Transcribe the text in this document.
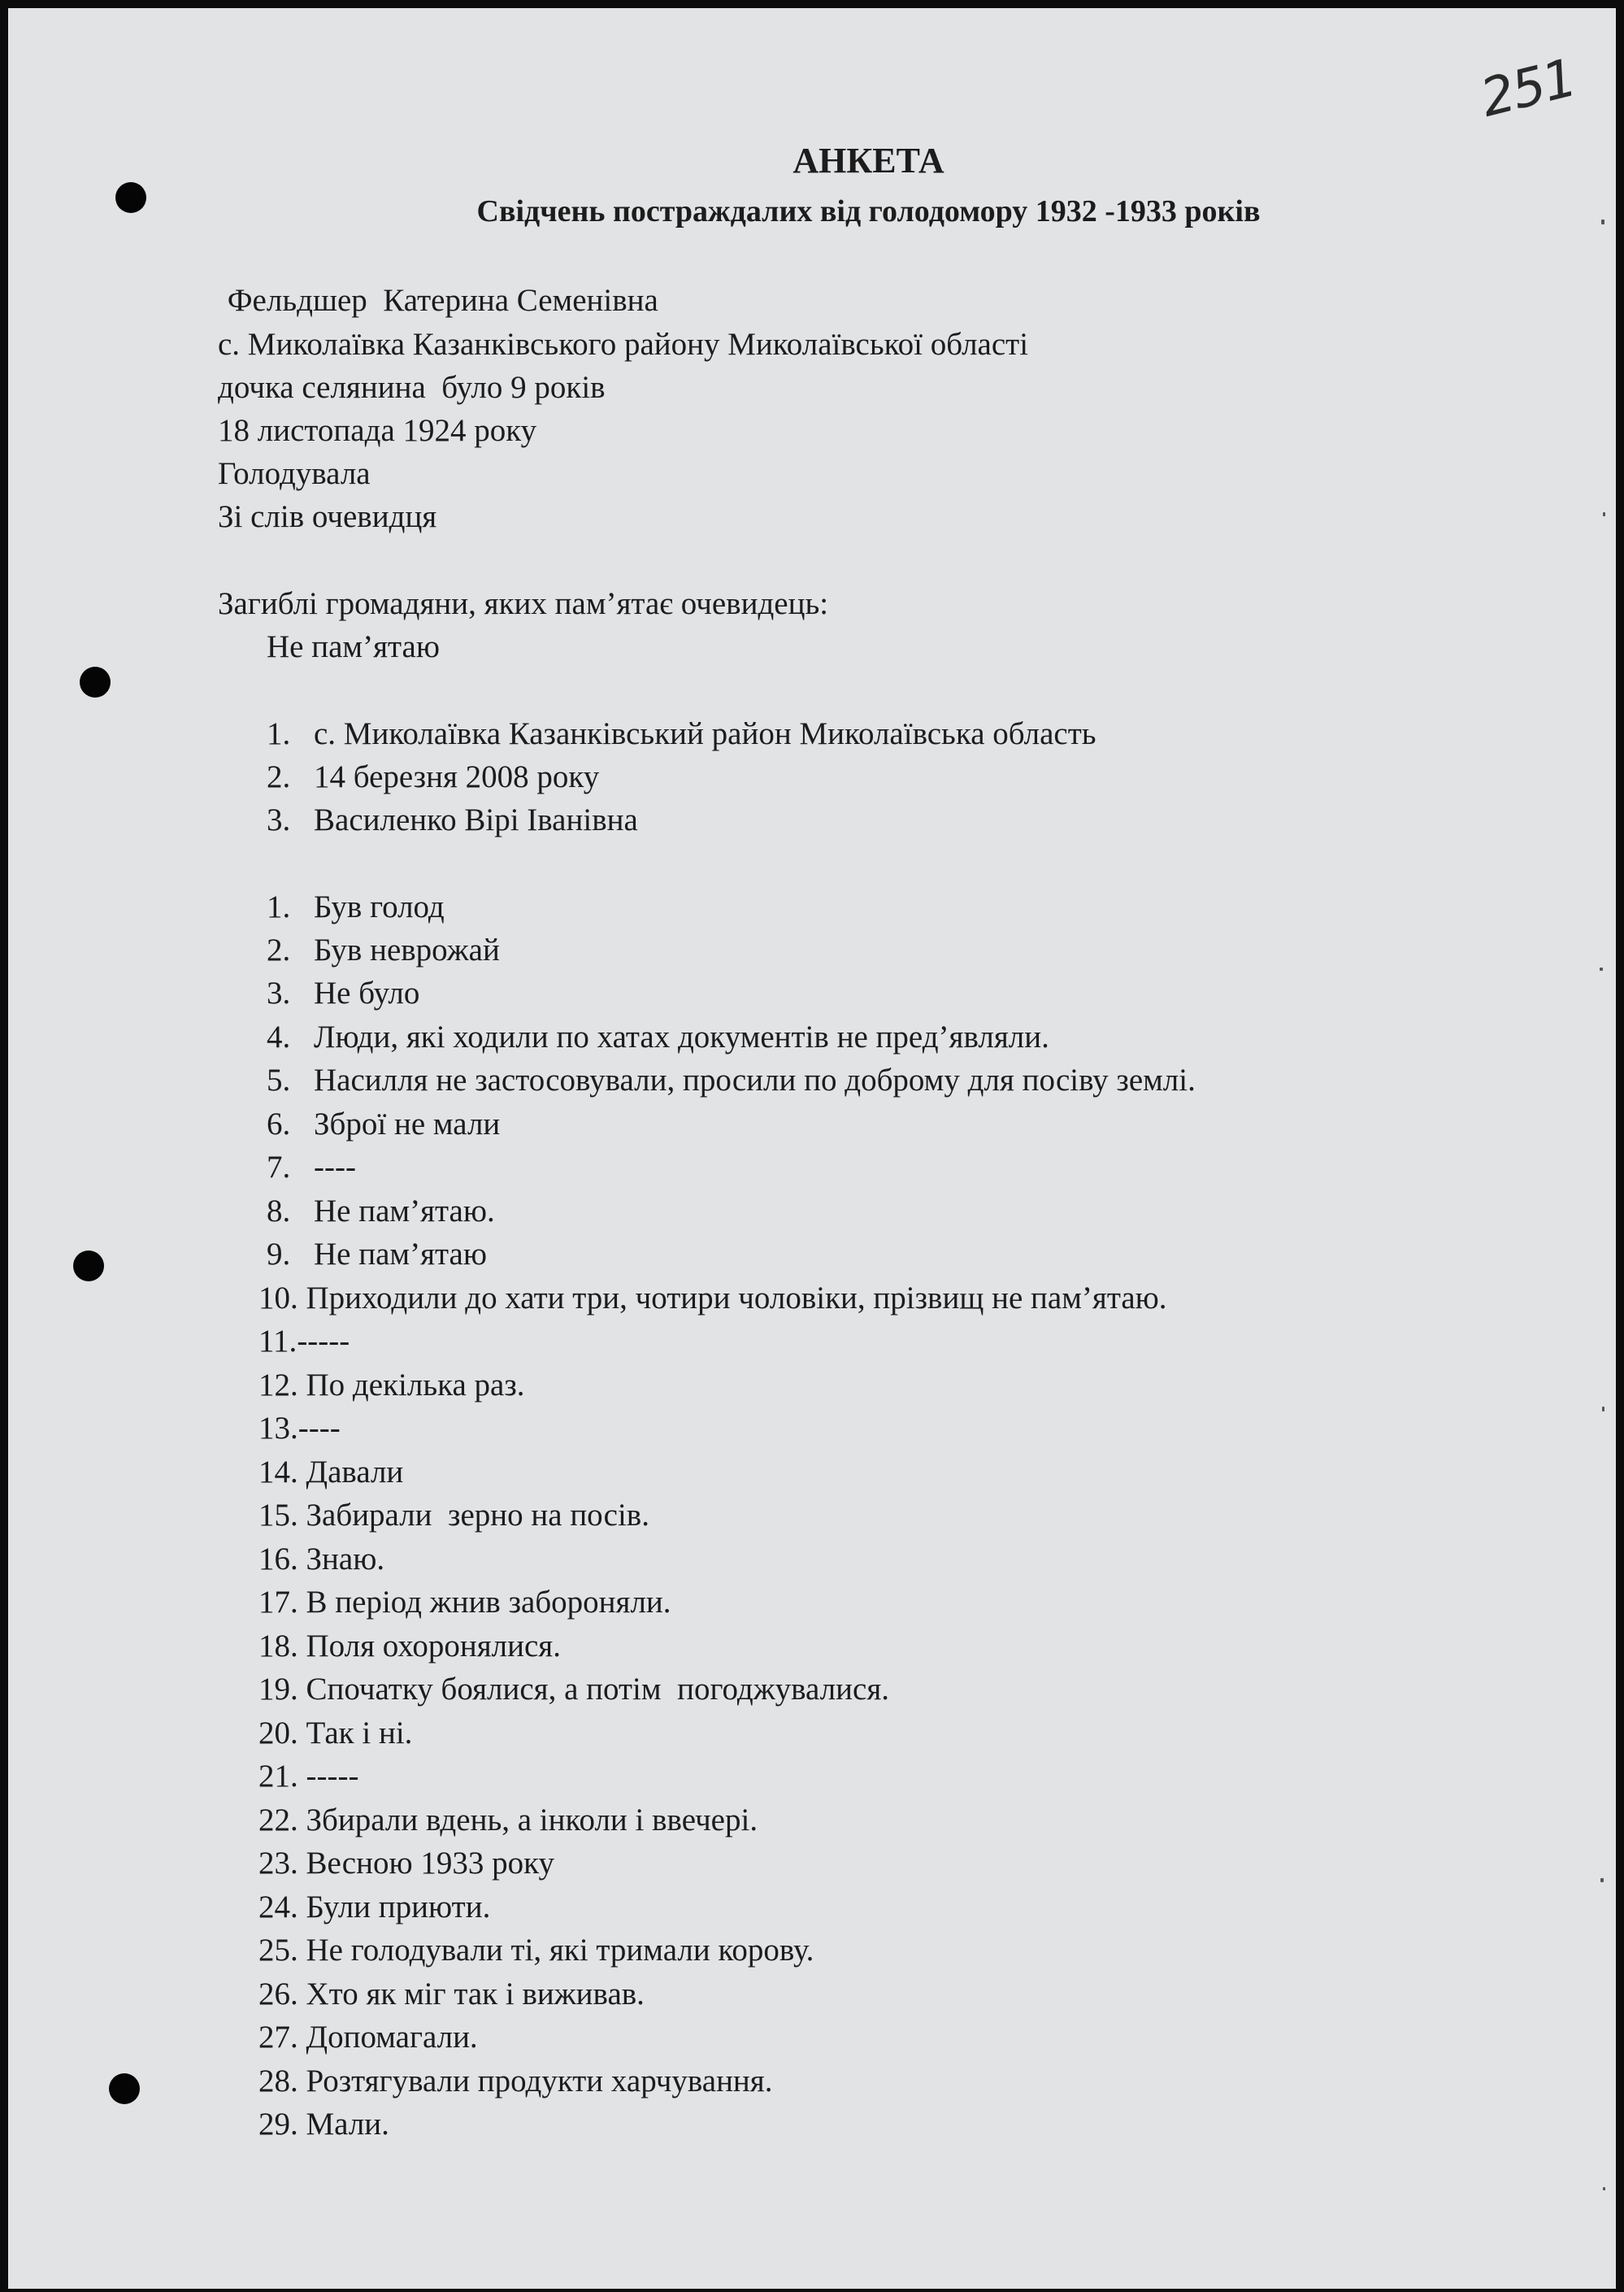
251
АНКЕТА
Свідчень постраждалих від голодомору 1932 -1933 років
Фельдшер  Катерина Семенівна
с. Миколаївка Казанківського району Миколаївської області
дочка селянина  було 9 років
18 листопада 1924 року
Голодувала
Зі слів очевидця
Загиблі громадяни, яких пам’ятає очевидець:
Не пам’ятаю
1. с. Миколаївка Казанківський район Миколаївська область
2. 14 березня 2008 року
3. Василенко Вірі Іванівна
1. Був голод
2. Був неврожай
3. Не було
4. Люди, які ходили по хатах документів не пред’являли.
5. Насилля не застосовували, просили по доброму для посіву землі.
6. Зброї не мали
7. ----
8. Не пам’ятаю.
9. Не пам’ятаю
10. Приходили до хати три, чотири чоловіки, прізвищ не пам’ятаю.
11.-----
12. По декілька раз.
13.----
14. Давали
15. Забирали  зерно на посів.
16. Знаю.
17. В період жнив забороняли.
18. Поля охоронялися.
19. Спочатку боялися, а потім  погоджувалися.
20. Так і ні.
21. -----
22. Збирали вдень, а інколи і ввечері.
23. Весною 1933 року
24. Були приюти.
25. Не голодували ті, які тримали корову.
26. Хто як міг так і виживав.
27. Допомагали.
28. Розтягували продукти харчування.
29. Мали.
